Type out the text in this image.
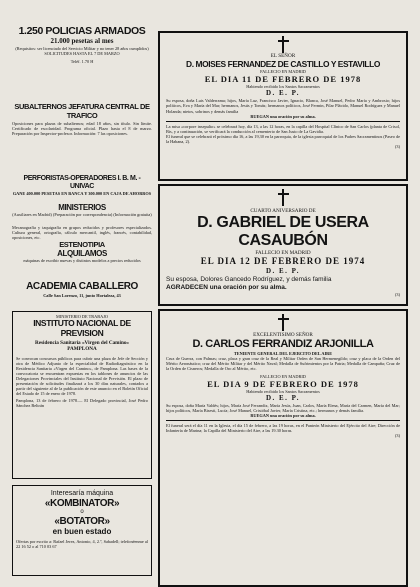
1.250 POLICIAS ARMADOS

21.000 pesetas al mes

(Requisitos: ser licenciado del Servicio Militar y no tener 28 años cumplidos) SOLICITUDES HASTA EL 7 DE MARZO

Teléf. 1.70 H

SUBALTERNOS JEFATURA CENTRAL DE TRAFICO

Oposiciones para plazas de subalternos; edad 18 años, sin título. Sin límite. Certificado de escolaridad. Programa oficial. Plazo hasta el 8 de marzo. Preparación por Inspector-profesor. Información: 7 las oposiciones.

PERFORISTAS-OPERADORES I. B. M. - UNIVAC

GANE 400.000 PESETAS EN BANCA Y 300.000 EN CAJA DE AHORROS

MINISTERIOS

(Auxiliares en Madrid) (Preparación por correspondencia) (Información gratuita)

Mecanografía y taquigrafía en grupos reducidos y profesores especializados. Cultura general, ortografía, cálculo mercantil, inglés, francés, contabilidad, oposiciones, etc.

ESTENOTIPIA

ALQUILAMOS

máquinas de escribir nuevas y distintos modelos a precios reducidos

ACADEMIA CABALLERO

Calle San Lorenzo, 11, junto Hortaleza, 43

MINISTERIO DE TRABAJO

INSTITUTO NACIONAL DE PREVISION

Residencia Sanitaria «Virgen del Camino»

PAMPLONA

Se convocan concursos públicos para cubrir una plaza de Jefe de Sección y otra de Médico Adjunto de la especialidad de Radiodiagnóstico en la Residencia Sanitaria «Virgen del Camino», de Pamplona. Las bases de la convocatoria se encuentran expuestas en los tablones de anuncios de las Delegaciones Provinciales del Instituto Nacional de Previsión. El plazo de presentación de solicitudes finalizará a los 30 días naturales, contados a partir del siguiente al de la publicación de este anuncio en el Boletín Oficial del Estado de 15 de enero de 1978.

Pamplona, 13 de febrero de 1978.— El Delegado provincial, José Pedro Sánchez Beltrán

Interesaría máquina

«KOMBINATOR»

o

«BOTATOR»

en buen estado

Ofertas por escrito a: Rafael Jerez, Antonio, 4, 2.º, Sabadell; telefonéenme al 22 16 52 o al 710 03 67

EL SEÑOR

D. MOISES FERNANDEZ DE CASTILLO Y ESTAVILLO

FALLECIO EN MADRID

EL DIA 11 DE FEBRERO DE 1978

Habiendo recibido los Santos Sacramentos

D. E. P.

Su esposa, doña Luis Valderrama; hijos, María Luz, Francisco Javier, Ignacio, Blanca, José Manuel, Pedro María y Ambrosio; hijos políticos, Eva y María del Mar; hermanos, Jesús y Tomás; hermanos políticos, José Fermin, Pilar Plácido, Manuel Rodríguez y Manuel Holanda; nietos, sobrinos y demás familia

RUEGAN una oración por su alma.

La misa «corpore insepulto» se celebrará hoy, día 13, a las 12 horas, en la capilla del Hospital Clínico de San Carlos (planta de Crisol, Bis, y a continuación, se verificará la conducción al cementerio de San Justo de La Gavidia.

El funeral que se celebrará el próximo día 16, a las 19,30 en la parroquia, de la iglesia parroquial de los Padres Sacramentinos (Paseo de la Habana, 2).

(3)

CUARTO ANIVERSARIO DE

D. GABRIEL DE USERA

CASAUBÓN

FALLECIO EN MADRID

EL DIA 12 DE FEBRERO DE 1974

D. E. P.

Su esposa, Dolores Gancedo Rodríguez, y demás familia

AGRADECEN una oración por su alma.

(3)

EXCELENTISIMO SEÑOR

D. CARLOS FERRANDIZ ARJONILLA

TENIENTE GENERAL DEL EJERCITO DEL AIRE

Cruz de Guerra, con Palmas; cruz, placa y gran cruz de la Real y Militar Orden de San Hermenegildo; cruz y placa de la Orden del Mérito Aeronáutico; cruz del Mérito Militar y del Mérito Naval; Medalla de Sufrimientos por la Patria; Medalla de Campaña; Cruz de la Orden de Cisneros; Medalla de Oro al Mérito, etc.

FALLECIO EN MADRID

EL DIA 9 DE FEBRERO DE 1978

Habiendo recibido los Santos Sacramentos

D. E. P.

Su esposa, doña María Valdés; hijos, María José Ferrandiz, María Jesús, Juan, Carlos, María Elena, María del Carmen, María del Mar; hijos políticos, María Bisesti, Lucía; José Manuel, Cristóbal Javier, María Cristina, etc.; hermanos y demás familia.

RUEGAN una oración por su alma.

El funeral será el día 11 en la Iglesia, el día 15 de febrero, a las 19 horas, en el Panteón Ministerio del Ejército del Aire; Dirección de Infantería de Marina; la Capilla del Ministerio del Aire, a las 19.30 horas.

(3)
